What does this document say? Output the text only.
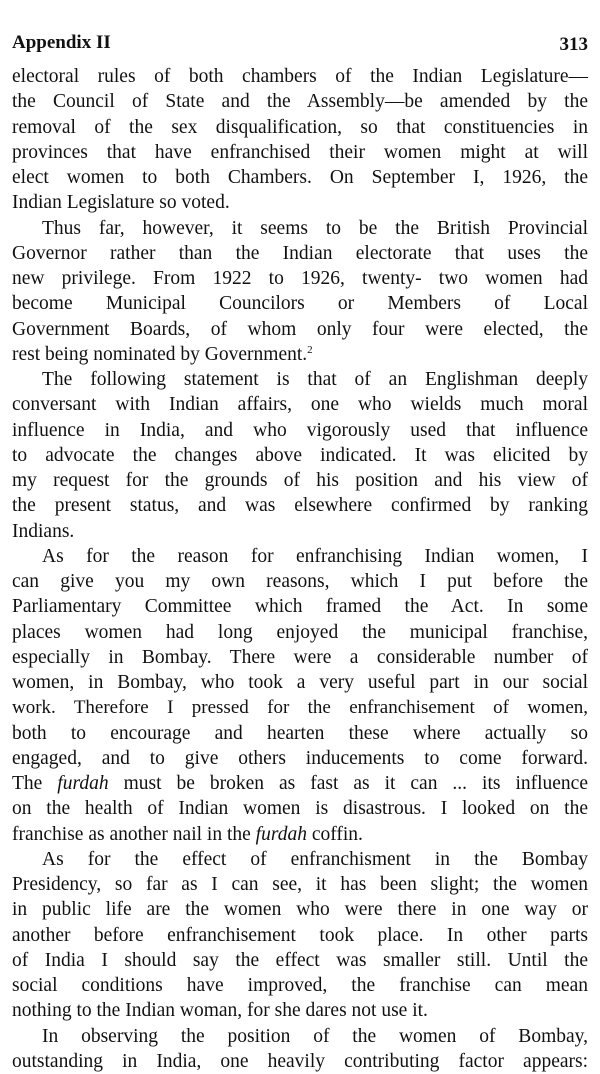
Appendix II	313
electoral rules of both chambers of the Indian Legislature—
the Council of State and the Assembly—be amended by the
removal of the sex disqualification, so that constituencies in
provinces that have enfranchised their women might at will
elect women to both Chambers. On September I, 1926, the
Indian Legislature so voted.
Thus far, however, it seems to be the British Provincial
Governor rather than the Indian electorate that uses the
new privilege. From 1922 to 1926, twenty- two women had
become Municipal Councilors or Members of Local
Government Boards, of whom only four were elected, the
rest being nominated by Government.$^2$
The following statement is that of an Englishman deeply
conversant with Indian affairs, one who wields much moral
influence in India, and who vigorously used that influence
to advocate the changes above indicated. It was elicited by
my request for the grounds of his position and his view of
the present status, and was elsewhere confirmed by ranking
Indians.
As for the reason for enfranchising Indian women, I
can give you my own reasons, which I put before the
Parliamentary Committee which framed the Act. In some
places women had long enjoyed the municipal franchise,
especially in Bombay. There were a considerable number of
women, in Bombay, who took a very useful part in our social
work. Therefore I pressed for the enfranchisement of women,
both to encourage and hearten these where actually so
engaged, and to give others inducements to come forward.
The furdah must be broken as fast as it can ... its influence
on the health of Indian women is disastrous. I looked on the
franchise as another nail in the furdah coffin.
As for the effect of enfranchisment in the Bombay
Presidency, so far as I can see, it has been slight; the women
in public life are the women who were there in one way or
another before enfranchisement took place. In other parts
of India I should say the effect was smaller still. Until the
social conditions have improved, the franchise can mean
nothing to the Indian woman, for she dares not use it.
In observing the position of the women of Bombay,
outstanding in India, one heavily contributing factor appears:
